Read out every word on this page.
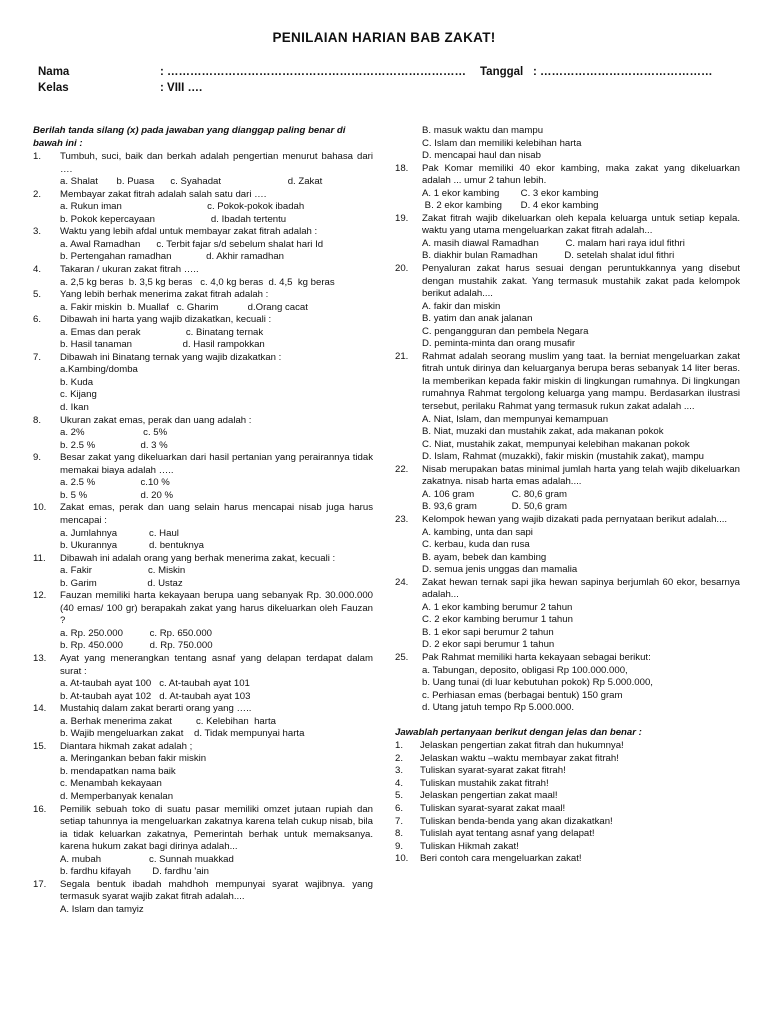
PENILAIAN HARIAN BAB ZAKAT!
Nama	: …………………………………………………………………… Tanggal : ………………………………………
Kelas	: VIII ….
Berilah tanda silang (x) pada jawaban yang dianggap paling benar di bawah ini :
1.	Tumbuh, suci, baik dan berkah adalah pengertian menurut bahasa dari ….
a. Shalat       b. Puasa      c. Syahadat                         d. Zakat
2.	Membayar zakat fitrah adalah salah satu dari ….
a. Rukun iman                                c. Pokok-pokok ibadah
b. Pokok kepercayaan                     d. Ibadah tertentu
3.	Waktu yang lebih afdal untuk membayar zakat fitrah adalah :
a. Awal Ramadhan      c. Terbit fajar s/d sebelum shalat hari Id
b. Pertengahan ramadhan             d. Akhir ramadhan
4.	Takaran / ukuran zakat fitrah …..
a. 2,5 kg beras  b. 3,5 kg beras   c. 4,0 kg beras  d. 4,5  kg beras
5.	Yang lebih berhak menerima zakat fitrah adalah :
a. Fakir miskin  b. Muallaf   c. Gharim           d.Orang cacat
6.	Dibawah ini harta yang wajib dizakatkan, kecuali :
a. Emas dan perak                 c. Binatang ternak
b. Hasil tanaman                   d. Hasil rampokkan
7.	Dibawah ini Binatang ternak yang wajib dizakatkan :
a.Kambing/domba
b. Kuda
c. Kijang
d. Ikan
8.	Ukuran zakat emas, perak dan uang adalah :
a. 2%                      c. 5%
b. 2.5 %                 d. 3 %
9.	Besar zakat yang dikeluarkan dari hasil pertanian yang perairannya tidak memakai biaya adalah …..
a. 2.5 %                 c.10 %
b. 5 %                    d. 20 %
10.	Zakat emas, perak dan uang selain harus mencapai nisab juga harus mencapai :
a. Jumlahnya            c. Haul
b. Ukurannya            d. bentuknya
11.	Dibawah ini adalah orang yang berhak menerima zakat, kecuali :
a. Fakir                     c. Miskin
b. Garim                   d. Ustaz
12.	Fauzan memiliki harta kekayaan berupa uang sebanyak Rp. 30.000.000 (40 emas/ 100 gr) berapakah zakat yang harus dikeluarkan oleh Fauzan ?
a. Rp. 250.000          c. Rp. 650.000
b. Rp. 450.000          d. Rp. 750.000
13.	Ayat yang menerangkan tentang asnaf yang delapan terdapat dalam surat :
a. At-taubah ayat 100   c. At-taubah ayat 101
b. At-taubah ayat 102   d. At-taubah ayat 103
14.	Mustahiq dalam zakat berarti orang yang …..
a. Berhak menerima zakat         c. Kelebihan  harta
b. Wajib mengeluarkan zakat    d. Tidak mempunyai harta
15.	Diantara hikmah zakat adalah ;
a. Meringankan beban fakir miskin
b. mendapatkan nama baik
c. Menambah kekayaan
d. Memperbanyak kenalan
16.	Pemilik sebuah toko di suatu pasar memiliki omzet jutaan rupiah dan setiap tahunnya ia mengeluarkan zakatnya karena telah cukup nisab, bila ia tidak keluarkan zakatnya, Pemerintah berhak untuk memaksanya. karena hukum zakat bagi dirinya adalah...
A. mubah                  c. Sunnah muakkad
b. fardhu kifayah        D. fardhu 'ain
17.	Segala bentuk ibadah mahdhoh mempunyai syarat wajibnya. yang termasuk syarat wajib zakat fitrah adalah....
A. Islam dan tamyiz
B. masuk waktu dan mampu
C. Islam dan memiliki kelebihan harta
D. mencapai haul dan nisab
18.	Pak Komar memiliki 40 ekor kambing, maka zakat yang dikeluarkan adalah ... umur 2 tahun lebih.
A. 1 ekor kambing        C. 3 ekor kambing
B. 2 ekor kambing       D. 4 ekor kambing
19.	Zakat fitrah wajib dikeluarkan oleh kepala keluarga untuk setiap kepala. waktu yang utama mengeluarkan zakat fitrah adalah...
A. masih diawal Ramadhan          C. malam hari raya idul fithri
B. diakhir bulan Ramadhan          D. setelah shalat idul fithri
20.	Penyaluran zakat harus sesuai dengan peruntukkannya yang disebut dengan mustahik zakat. Yang termasuk mustahik zakat pada kelompok berikut adalah....
A. fakir dan miskin
B. yatim dan anak jalanan
C. pengangguran dan pembela Negara
D. peminta-minta dan orang musafir
21.	Rahmat adalah seorang muslim yang taat. Ia berniat mengeluarkan zakat fitrah untuk dirinya dan keluarganya berupa beras sebanyak 14 liter beras. Ia memberikan kepada fakir miskin di lingkungan rumahnya. Di lingkungan rumahnya Rahmat tergolong keluarga yang mampu. Berdasarkan ilustrasi tersebut, perilaku Rahmat yang termasuk rukun zakat adalah ....
A. Niat, Islam, dan mempunyai kemampuan
B. Niat, muzaki dan mustahik zakat, ada makanan pokok
C. Niat, mustahik zakat, mempunyai kelebihan makanan pokok
D. Islam, Rahmat (muzakki), fakir miskin (mustahik zakat), mampu
22.	Nisab merupakan batas minimal jumlah harta yang telah wajib dikeluarkan zakatnya. nisab harta emas adalah....
A. 106 gram              C. 80,6 gram
B. 93,6 gram             D. 50,6 gram
23.	Kelompok hewan yang wajib dizakati pada pernyataan berikut adalah....
A. kambing, unta dan sapi
C. kerbau, kuda dan rusa
B. ayam, bebek dan kambing
D. semua jenis unggas dan mamalia
24.	Zakat hewan ternak sapi jika hewan sapinya berjumlah 60 ekor, besarnya adalah...
A. 1 ekor kambing berumur 2 tahun
C. 2 ekor kambing berumur 1 tahun
B. 1 ekor sapi berumur 2 tahun
D. 2 ekor sapi berumur 1 tahun
25.	Pak Rahmat memiliki harta kekayaan sebagai berikut:
a. Tabungan, deposito, obligasi Rp 100.000.000,
b. Uang tunai (di luar kebutuhan pokok) Rp 5.000.000,
c. Perhiasan emas (berbagai bentuk) 150 gram
d. Utang jatuh tempo Rp 5.000.000.
Jawablah pertanyaan berikut dengan jelas dan benar :
1.	Jelaskan pengertian zakat fitrah dan hukumnya!
2.	Jelaskan waktu –waktu membayar zakat fitrah!
3.	Tuliskan syarat-syarat zakat fitrah!
4.	Tuliskan mustahik zakat fitrah!
5.	Jelaskan pengertian zakat maal!
6.	Tuliskan syarat-syarat zakat maal!
7.	Tuliskan benda-benda yang akan dizakatkan!
8.	Tulislah ayat tentang asnaf yang delapat!
9.	Tuliskan Hikmah zakat!
10.	Beri contoh cara mengeluarkan zakat!
